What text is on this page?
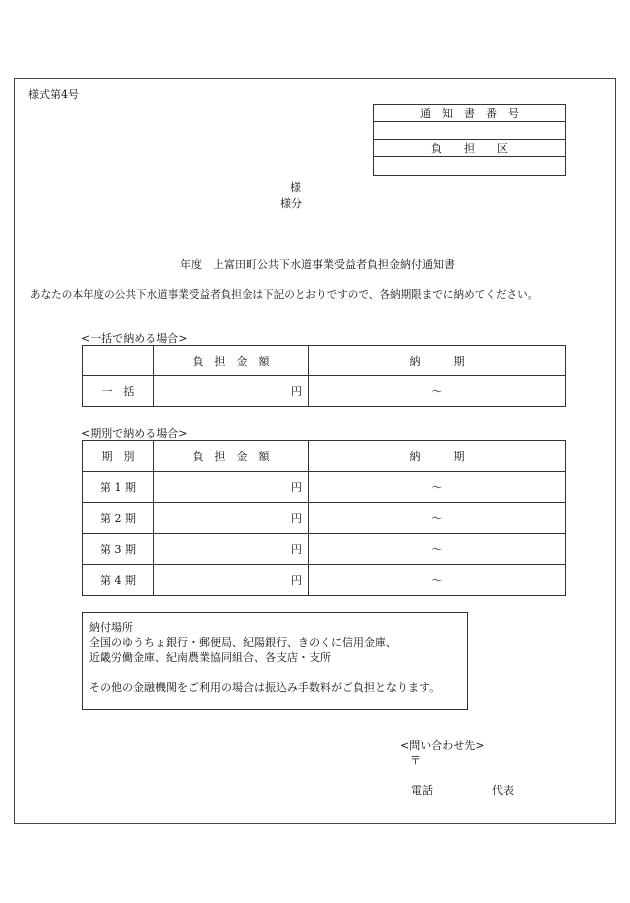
様式第4号
通　知　書　番　号

負　　担　　区

様
様分
年度　上富田町公共下水道事業受益者負担金納付通知書
あなたの本年度の公共下水道事業受益者負担金は下記のとおりですので、各納期限までに納めてください。
<一括で納める場合>
	負　担　金　額	納　　　期
一　括	円	～
<期別で納める場合>
期　別	負　担　金　額	納　　　期
第 1 期	円	～
第 2 期	円	～
第 3 期	円	～
第 4 期	円	～
納付場所
全国のゆうちょ銀行・郵便局、紀陽銀行、きのくに信用金庫、
近畿労働金庫、紀南農業協同組合、各支店・支所
その他の金融機関をご利用の場合は振込み手数料がご負担となります。
<問い合わせ先>
〒
電話	代表
